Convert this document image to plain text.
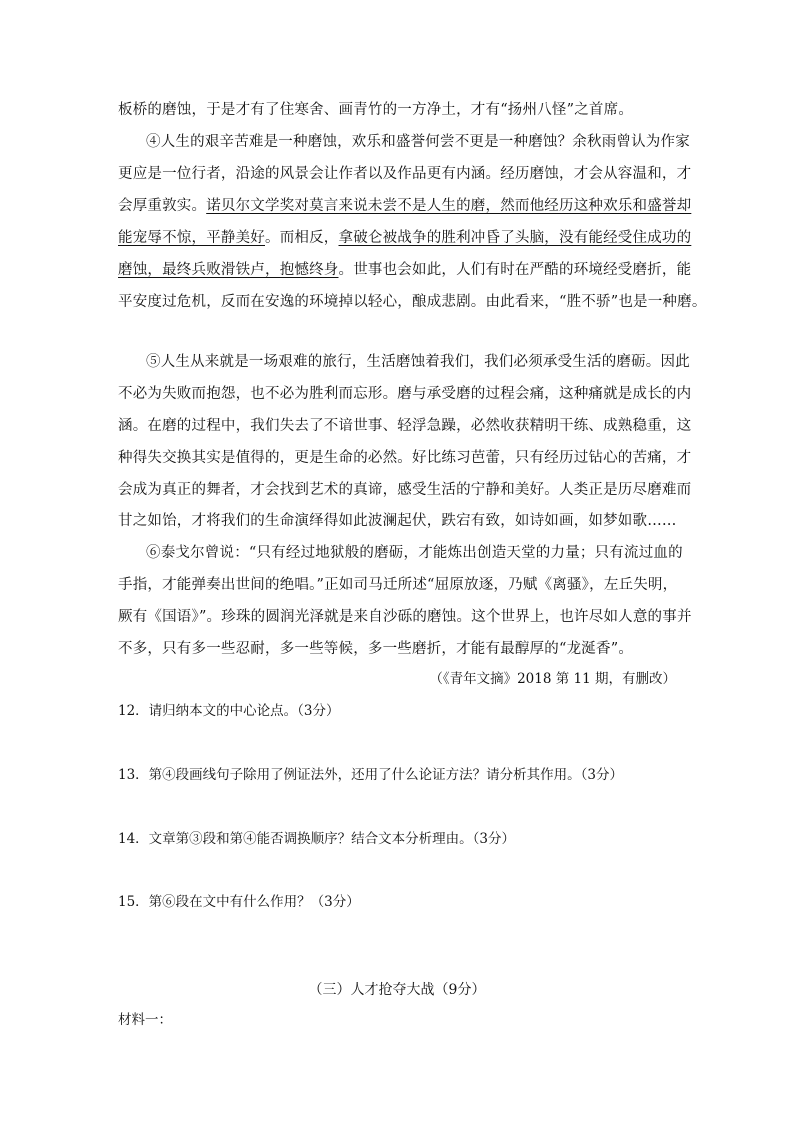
板桥的磨蚀，于是才有了住寒舍、画青竹的一方净土，才有“扬州八怪”之首席。
④人生的艰辛苦难是一种磨蚀，欢乐和盛誉何尝不更是一种磨蚀？余秋雨曾认为作家
更应是一位行者，沿途的风景会让作者以及作品更有内涵。经历磨蚀，才会从容温和，才
会厚重敦实。诺贝尔文学奖对莫言来说未尝不是人生的磨，然而他经历这种欢乐和盛誉却
能宠辱不惊，平静美好。而相反，拿破仑被战争的胜利冲昏了头脑，没有能经受住成功的
磨蚀，最终兵败滑铁卢，抱憾终身。世事也会如此，人们有时在严酷的环境经受磨折，能
平安度过危机，反而在安逸的环境掉以轻心，酿成悲剧。由此看来，“胜不骄”也是一种磨。
⑤人生从来就是一场艰难的旅行，生活磨蚀着我们，我们必须承受生活的磨砺。因此
不必为失败而抱怨，也不必为胜利而忘形。磨与承受磨的过程会痛，这种痛就是成长的内
涵。在磨的过程中，我们失去了不谙世事、轻浮急躁，必然收获精明干练、成熟稳重，这
种得失交换其实是值得的，更是生命的必然。好比练习芭蕾，只有经历过钻心的苦痛，才
会成为真正的舞者，才会找到艺术的真谛，感受生活的宁静和美好。人类正是历尽磨难而
甘之如饴，才将我们的生命演绎得如此波澜起伏，跌宕有致，如诗如画，如梦如歌……
⑥泰戈尔曾说：“只有经过地狱般的磨砺，才能炼出创造天堂的力量；只有流过血的
手指，才能弹奏出世间的绝唱。”正如司马迁所述“屈原放逐，乃赋《离骚》，左丘失明，
厥有《国语》”。珍珠的圆润光泽就是来自沙砾的磨蚀。这个世界上，也许尽如人意的事并
不多，只有多一些忍耐，多一些等候，多一些磨折，才能有最醇厚的“龙涎香”。
（《青年文摘》2018 第 11 期，有删改）
12．请归纳本文的中心论点。（3分）
13．第④段画线句子除用了例证法外，还用了什么论证方法？请分析其作用。（3分）
14．文章第③段和第④能否调换顺序？结合文本分析理由。（3分）
15．第⑥段在文中有什么作用？（3分）
（三）人才抢夺大战（9分）
材料一：
